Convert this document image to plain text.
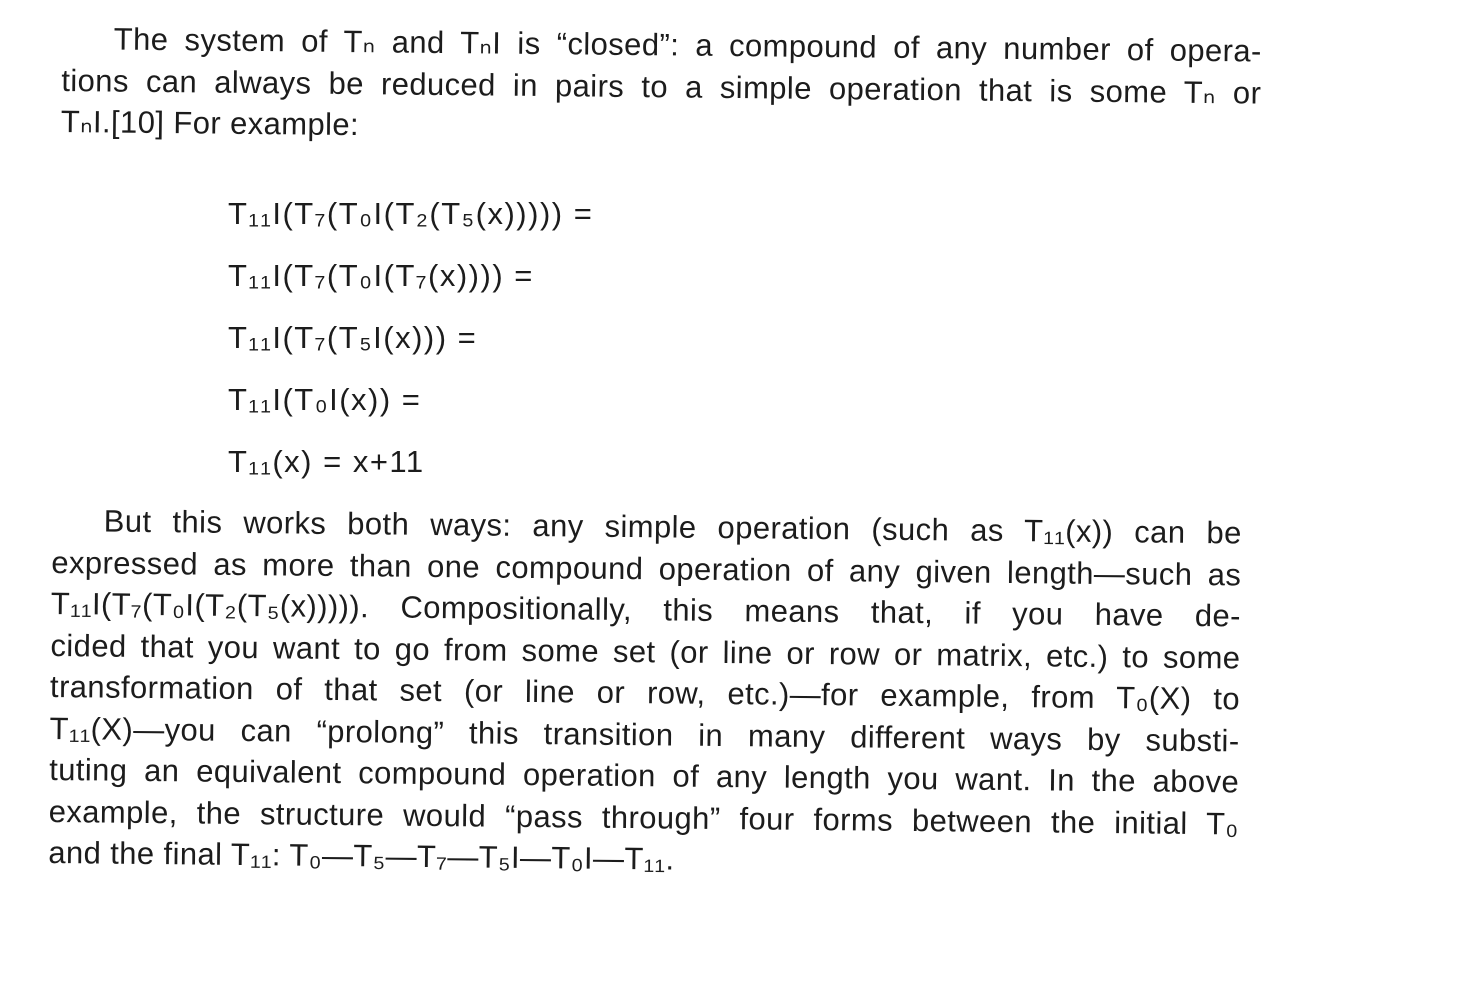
The system of Tₙ and TₙI is “closed”: a compound of any number of opera-
tions can always be reduced in pairs to a simple operation that is some Tₙ or
TₙI.[10] For example:

T₁₁I(T₇(T₀I(T₂(T₅(x))))) =
T₁₁I(T₇(T₀I(T₇(x)))) =
T₁₁I(T₇(T₅I(x))) =
T₁₁I(T₀I(x)) =
T₁₁(x) = x+11

But this works both ways: any simple operation (such as T₁₁(x)) can be
expressed as more than one compound operation of any given length—such as
T₁₁I(T₇(T₀I(T₂(T₅(x))))). Compositionally, this means that, if you have de-
cided that you want to go from some set (or line or row or matrix, etc.) to some
transformation of that set (or line or row, etc.)—for example, from T₀(X) to
T₁₁(X)—you can “prolong” this transition in many different ways by substi-
tuting an equivalent compound operation of any length you want. In the above
example, the structure would “pass through” four forms between the initial T₀
and the final T₁₁: T₀—T₅—T₇—T₅I—T₀I—T₁₁.
